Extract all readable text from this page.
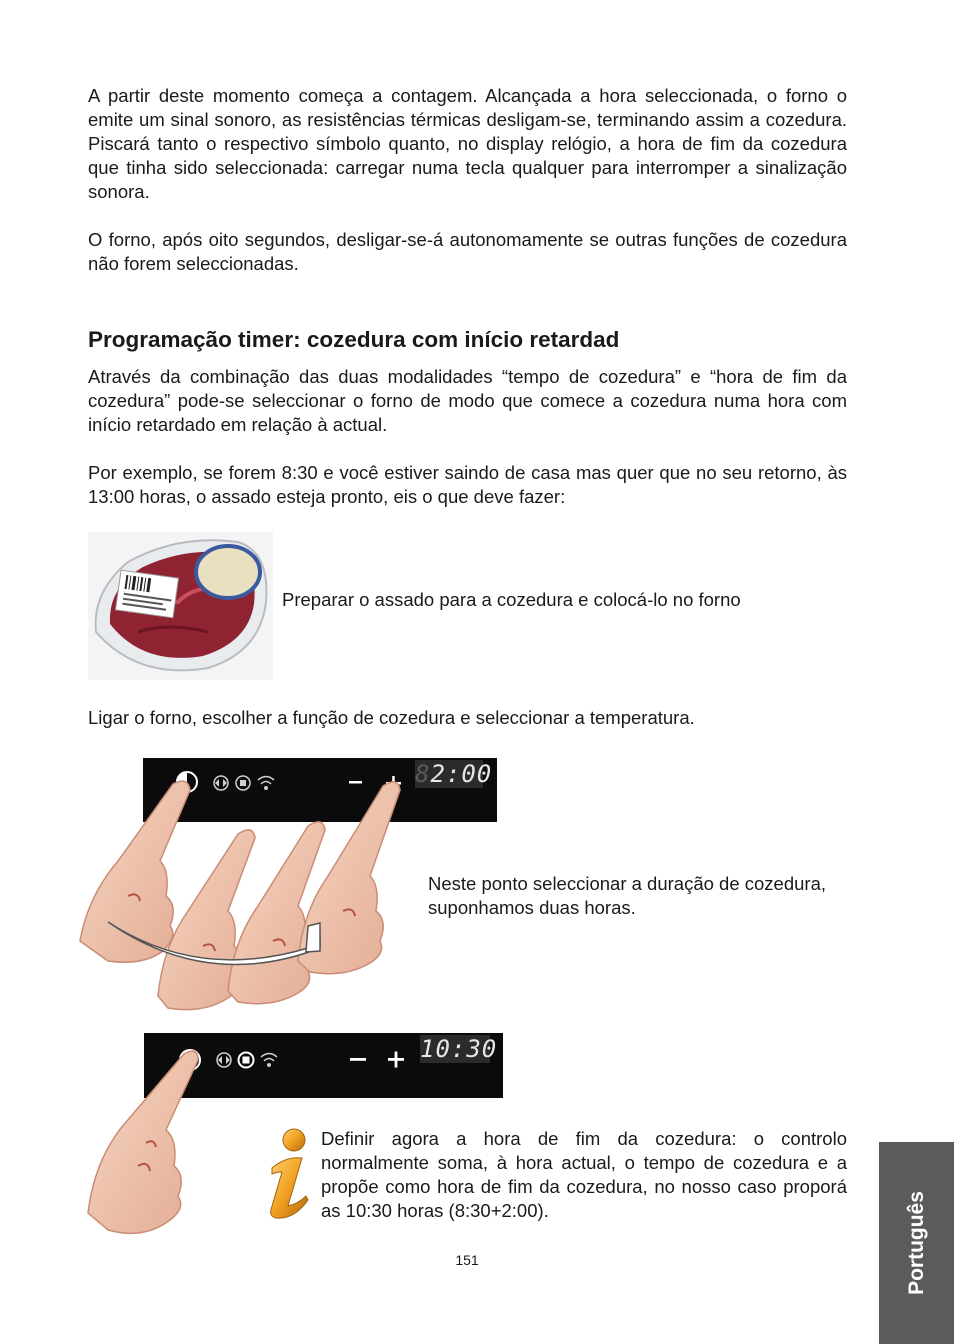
A partir deste momento começa a contagem. Alcançada a hora seleccionada, o forno o emite um sinal sonoro, as resistências térmicas desligam-se, terminando assim a cozedura. Piscará tanto o respectivo símbolo quanto, no display relógio, a hora de fim da cozedura que tinha sido seleccionada: carregar numa tecla qualquer para interromper a sinalização sonora.

O forno, após oito segundos, desligar-se-á autonomamente se outras funções de cozedura não forem seleccionadas.

Programação timer: cozedura com início retardad

Através da combinação das duas modalidades “tempo de cozedura” e “hora de fim da cozedura” pode-se seleccionar o forno de modo que comece a cozedura numa hora com início retardado em relação à actual.

Por exemplo, se forem 8:30 e você estiver saindo de casa mas quer que no seu retorno, às 13:00 horas, o assado esteja pronto, eis o que deve fazer:

Preparar o assado para a cozedura e colocá-lo no forno

Ligar o forno, escolher a função de cozedura e seleccionar a temperatura.

82:00

Neste ponto seleccionar a duração de cozedura, suponhamos duas horas.

10:30

Definir agora a hora de fim da cozedura: o controlo normalmente soma, à hora actual, o tempo de cozedura e a propõe como hora de fim da cozedura, no nosso caso proporá as 10:30 horas (8:30+2:00).

151	Português
